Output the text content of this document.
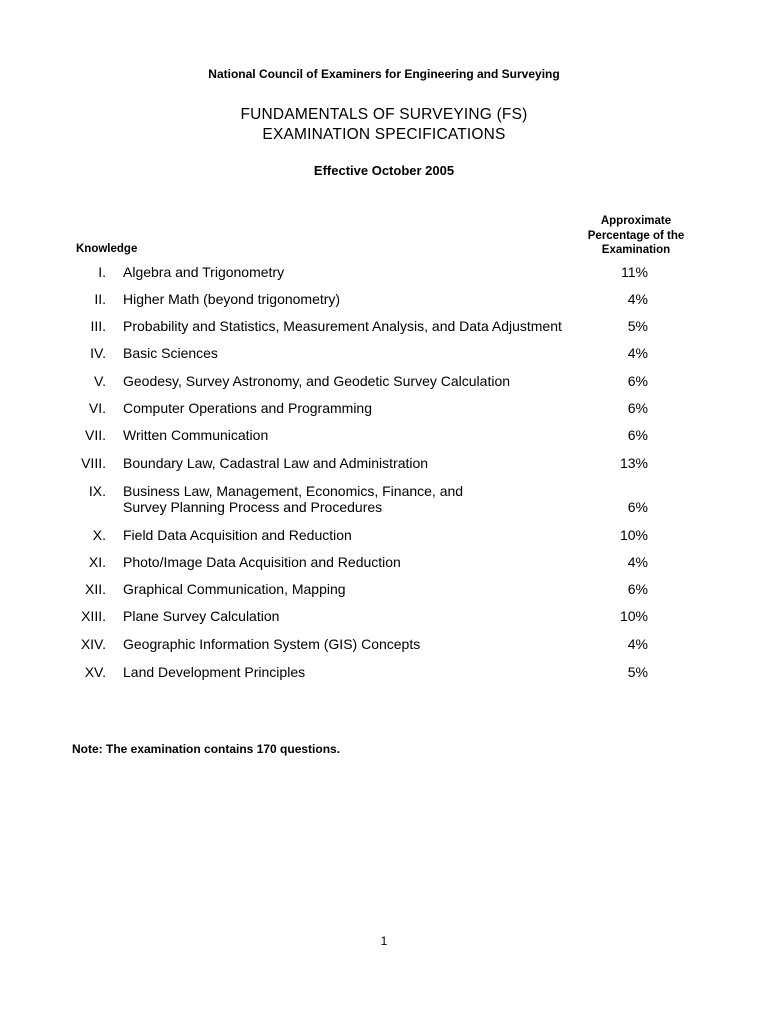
National Council of Examiners for Engineering and Surveying
FUNDAMENTALS OF SURVEYING (FS)
EXAMINATION SPECIFICATIONS
Effective October 2005
Knowledge
Approximate
Percentage of the
Examination
I. Algebra and Trigonometry	11%
II. Higher Math (beyond trigonometry)	4%
III. Probability and Statistics, Measurement Analysis, and Data Adjustment	5%
IV. Basic Sciences	4%
V. Geodesy, Survey Astronomy, and Geodetic Survey Calculation	6%
VI. Computer Operations and Programming	6%
VII. Written Communication	6%
VIII. Boundary Law, Cadastral Law and Administration	13%
IX. Business Law, Management, Economics, Finance, and
Survey Planning Process and Procedures	6%
X. Field Data Acquisition and Reduction	10%
XI. Photo/Image Data Acquisition and Reduction	4%
XII. Graphical Communication, Mapping	6%
XIII. Plane Survey Calculation	10%
XIV. Geographic Information System (GIS) Concepts	4%
XV. Land Development Principles	5%
Note: The examination contains 170 questions.
1
